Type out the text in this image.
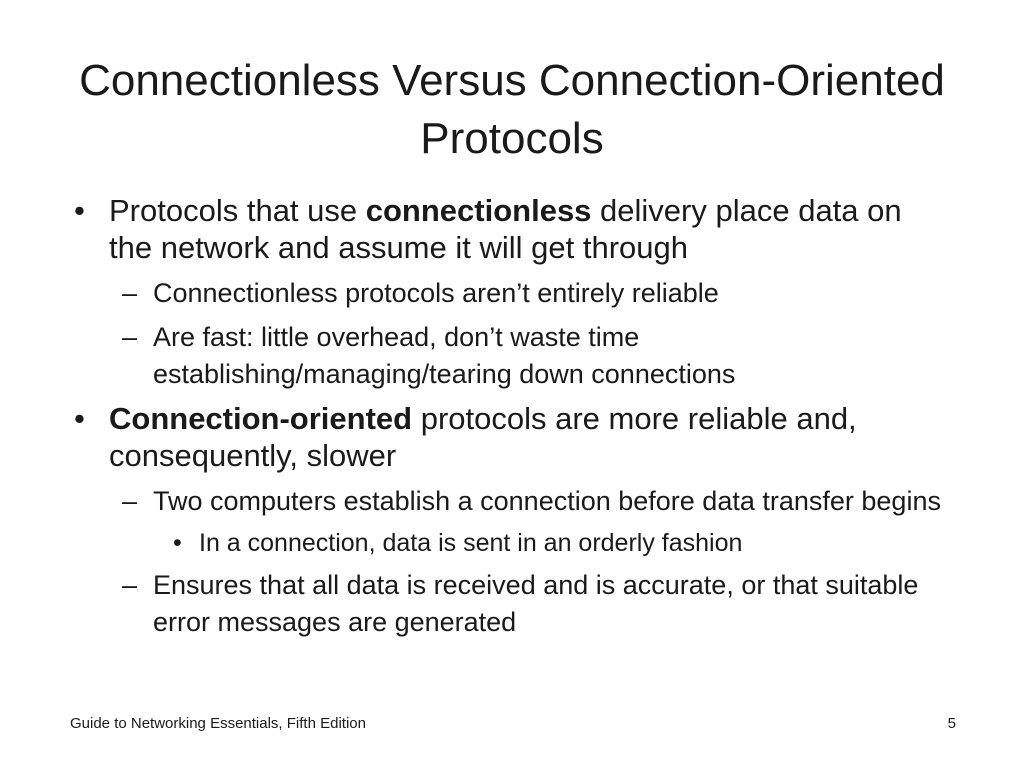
Connectionless Versus Connection-Oriented Protocols
• Protocols that use connectionless delivery place data on the network and assume it will get through
– Connectionless protocols aren’t entirely reliable
– Are fast: little overhead, don’t waste time establishing/managing/tearing down connections
• Connection-oriented protocols are more reliable and, consequently, slower
– Two computers establish a connection before data transfer begins
• In a connection, data is sent in an orderly fashion
– Ensures that all data is received and is accurate, or that suitable error messages are generated
Guide to Networking Essentials, Fifth Edition	5
